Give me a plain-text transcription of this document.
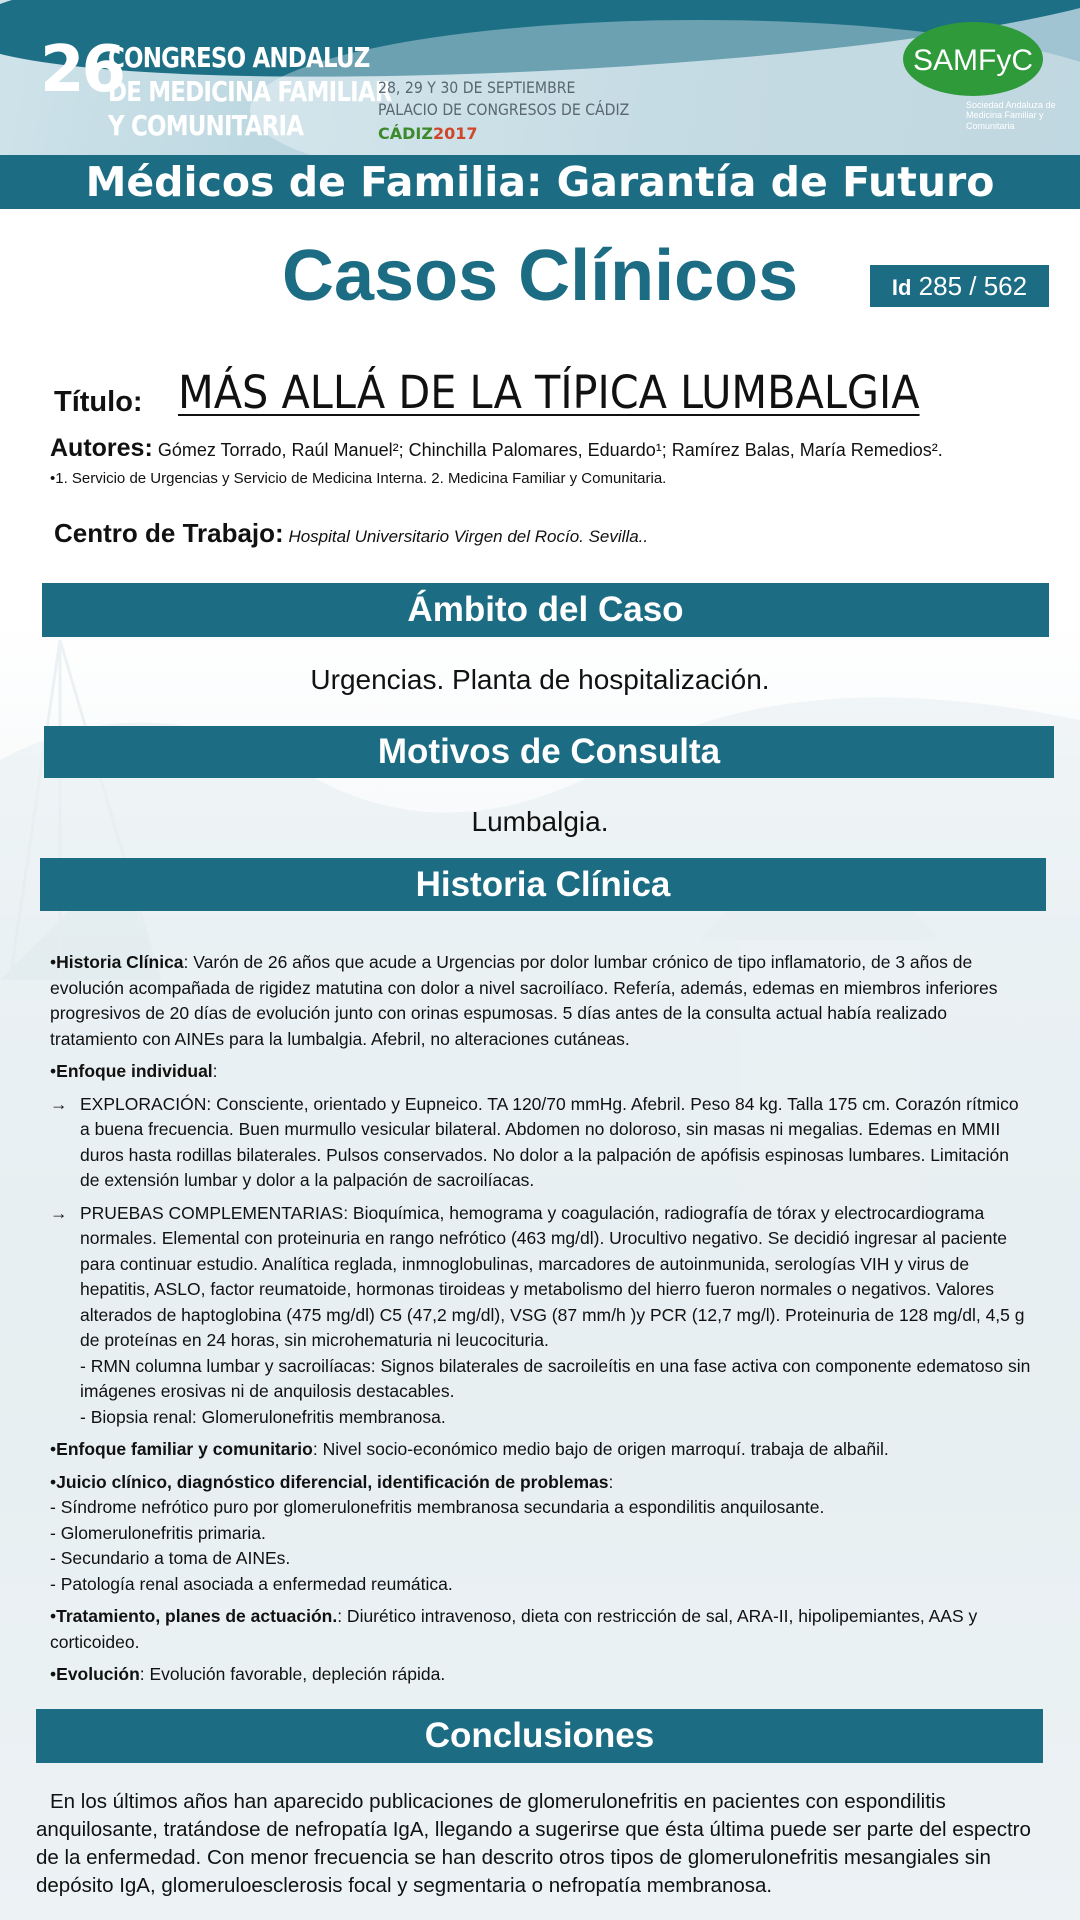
26
CONGRESO ANDALUZ
DE MEDICINA FAMILIAR
Y COMUNITARIA
28, 29 Y 30 DE SEPTIEMBRE
PALACIO DE CONGRESOS DE CÁDIZ
CÁDIZ2017
SAMFyC
Sociedad Andaluza de Medicina Familiar y Comunitaria
Médicos de Familia: Garantía de Futuro
Casos Clínicos	Id 285 / 562
Título: MÁS ALLÁ DE LA TÍPICA LUMBALGIA
Autores: Gómez Torrado, Raúl Manuel²; Chinchilla Palomares, Eduardo¹; Ramírez Balas, María Remedios².
•1. Servicio de Urgencias y Servicio de Medicina Interna. 2. Medicina Familiar y Comunitaria.
Centro de Trabajo: Hospital Universitario Virgen del Rocío. Sevilla..
Ámbito del Caso
Urgencias. Planta de hospitalización.
Motivos de Consulta
Lumbalgia.
Historia Clínica

•Historia Clínica: Varón de 26 años que acude a Urgencias por dolor lumbar crónico de tipo inflamatorio, de 3 años de evolución acompañada de rigidez matutina con dolor a nivel sacroilíaco. Refería, además, edemas en miembros inferiores progresivos de 20 días de evolución junto con orinas espumosas. 5 días antes de la consulta actual había realizado tratamiento con AINEs para la lumbalgia. Afebril, no alteraciones cutáneas.

•Enfoque individual:

→ EXPLORACIÓN: Consciente, orientado y Eupneico. TA 120/70 mmHg. Afebril. Peso 84 kg. Talla 175 cm. Corazón rítmico a buena frecuencia. Buen murmullo vesicular bilateral. Abdomen no doloroso, sin masas ni megalias. Edemas en MMII duros hasta rodillas bilaterales. Pulsos conservados. No dolor a la palpación de apófisis espinosas lumbares. Limitación de extensión lumbar y dolor a la palpación de sacroilíacas.

→ PRUEBAS COMPLEMENTARIAS: Bioquímica, hemograma y coagulación, radiografía de tórax y electrocardiograma normales. Elemental con proteinuria en rango nefrótico (463 mg/dl). Urocultivo negativo. Se decidió ingresar al paciente para continuar estudio. Analítica reglada, inmnoglobulinas, marcadores de autoinmunida, serologías VIH y virus de hepatitis, ASLO, factor reumatoide, hormonas tiroideas y metabolismo del hierro fueron normales o negativos. Valores alterados de haptoglobina (475 mg/dl) C5 (47,2 mg/dl), VSG (87 mm/h )y PCR (12,7 mg/l). Proteinuria de 128 mg/dl, 4,5 g de proteínas en 24 horas, sin microhematuria ni leucocituria.

- RMN columna lumbar y sacroilíacas: Signos bilaterales de sacroileítis en una fase activa con componente edematoso sin imágenes erosivas ni de anquilosis destacables.

- Biopsia renal: Glomerulonefritis membranosa.

•Enfoque familiar y comunitario: Nivel socio-económico medio bajo de origen marroquí. trabaja de albañil.

•Juicio clínico, diagnóstico diferencial, identificación de problemas:

- Síndrome nefrótico puro por glomerulonefritis membranosa secundaria a espondilitis anquilosante.

- Glomerulonefritis primaria.

- Secundario a toma de AINEs.

- Patología renal asociada a enfermedad reumática.

•Tratamiento, planes de actuación.: Diurético intravenoso, dieta con restricción de sal, ARA-II, hipolipemiantes, AAS y corticoideo.

•Evolución: Evolución favorable, depleción rápida.

Conclusiones
En los últimos años han aparecido publicaciones de glomerulonefritis en pacientes con espondilitis anquilosante, tratándose de nefropatía IgA, llegando a sugerirse que ésta última puede ser parte del espectro de la enfermedad. Con menor frecuencia se han descrito otros tipos de glomerulonefritis mesangiales sin depósito IgA, glomeruloesclerosis focal y segmentaria o nefropatía membranosa.
